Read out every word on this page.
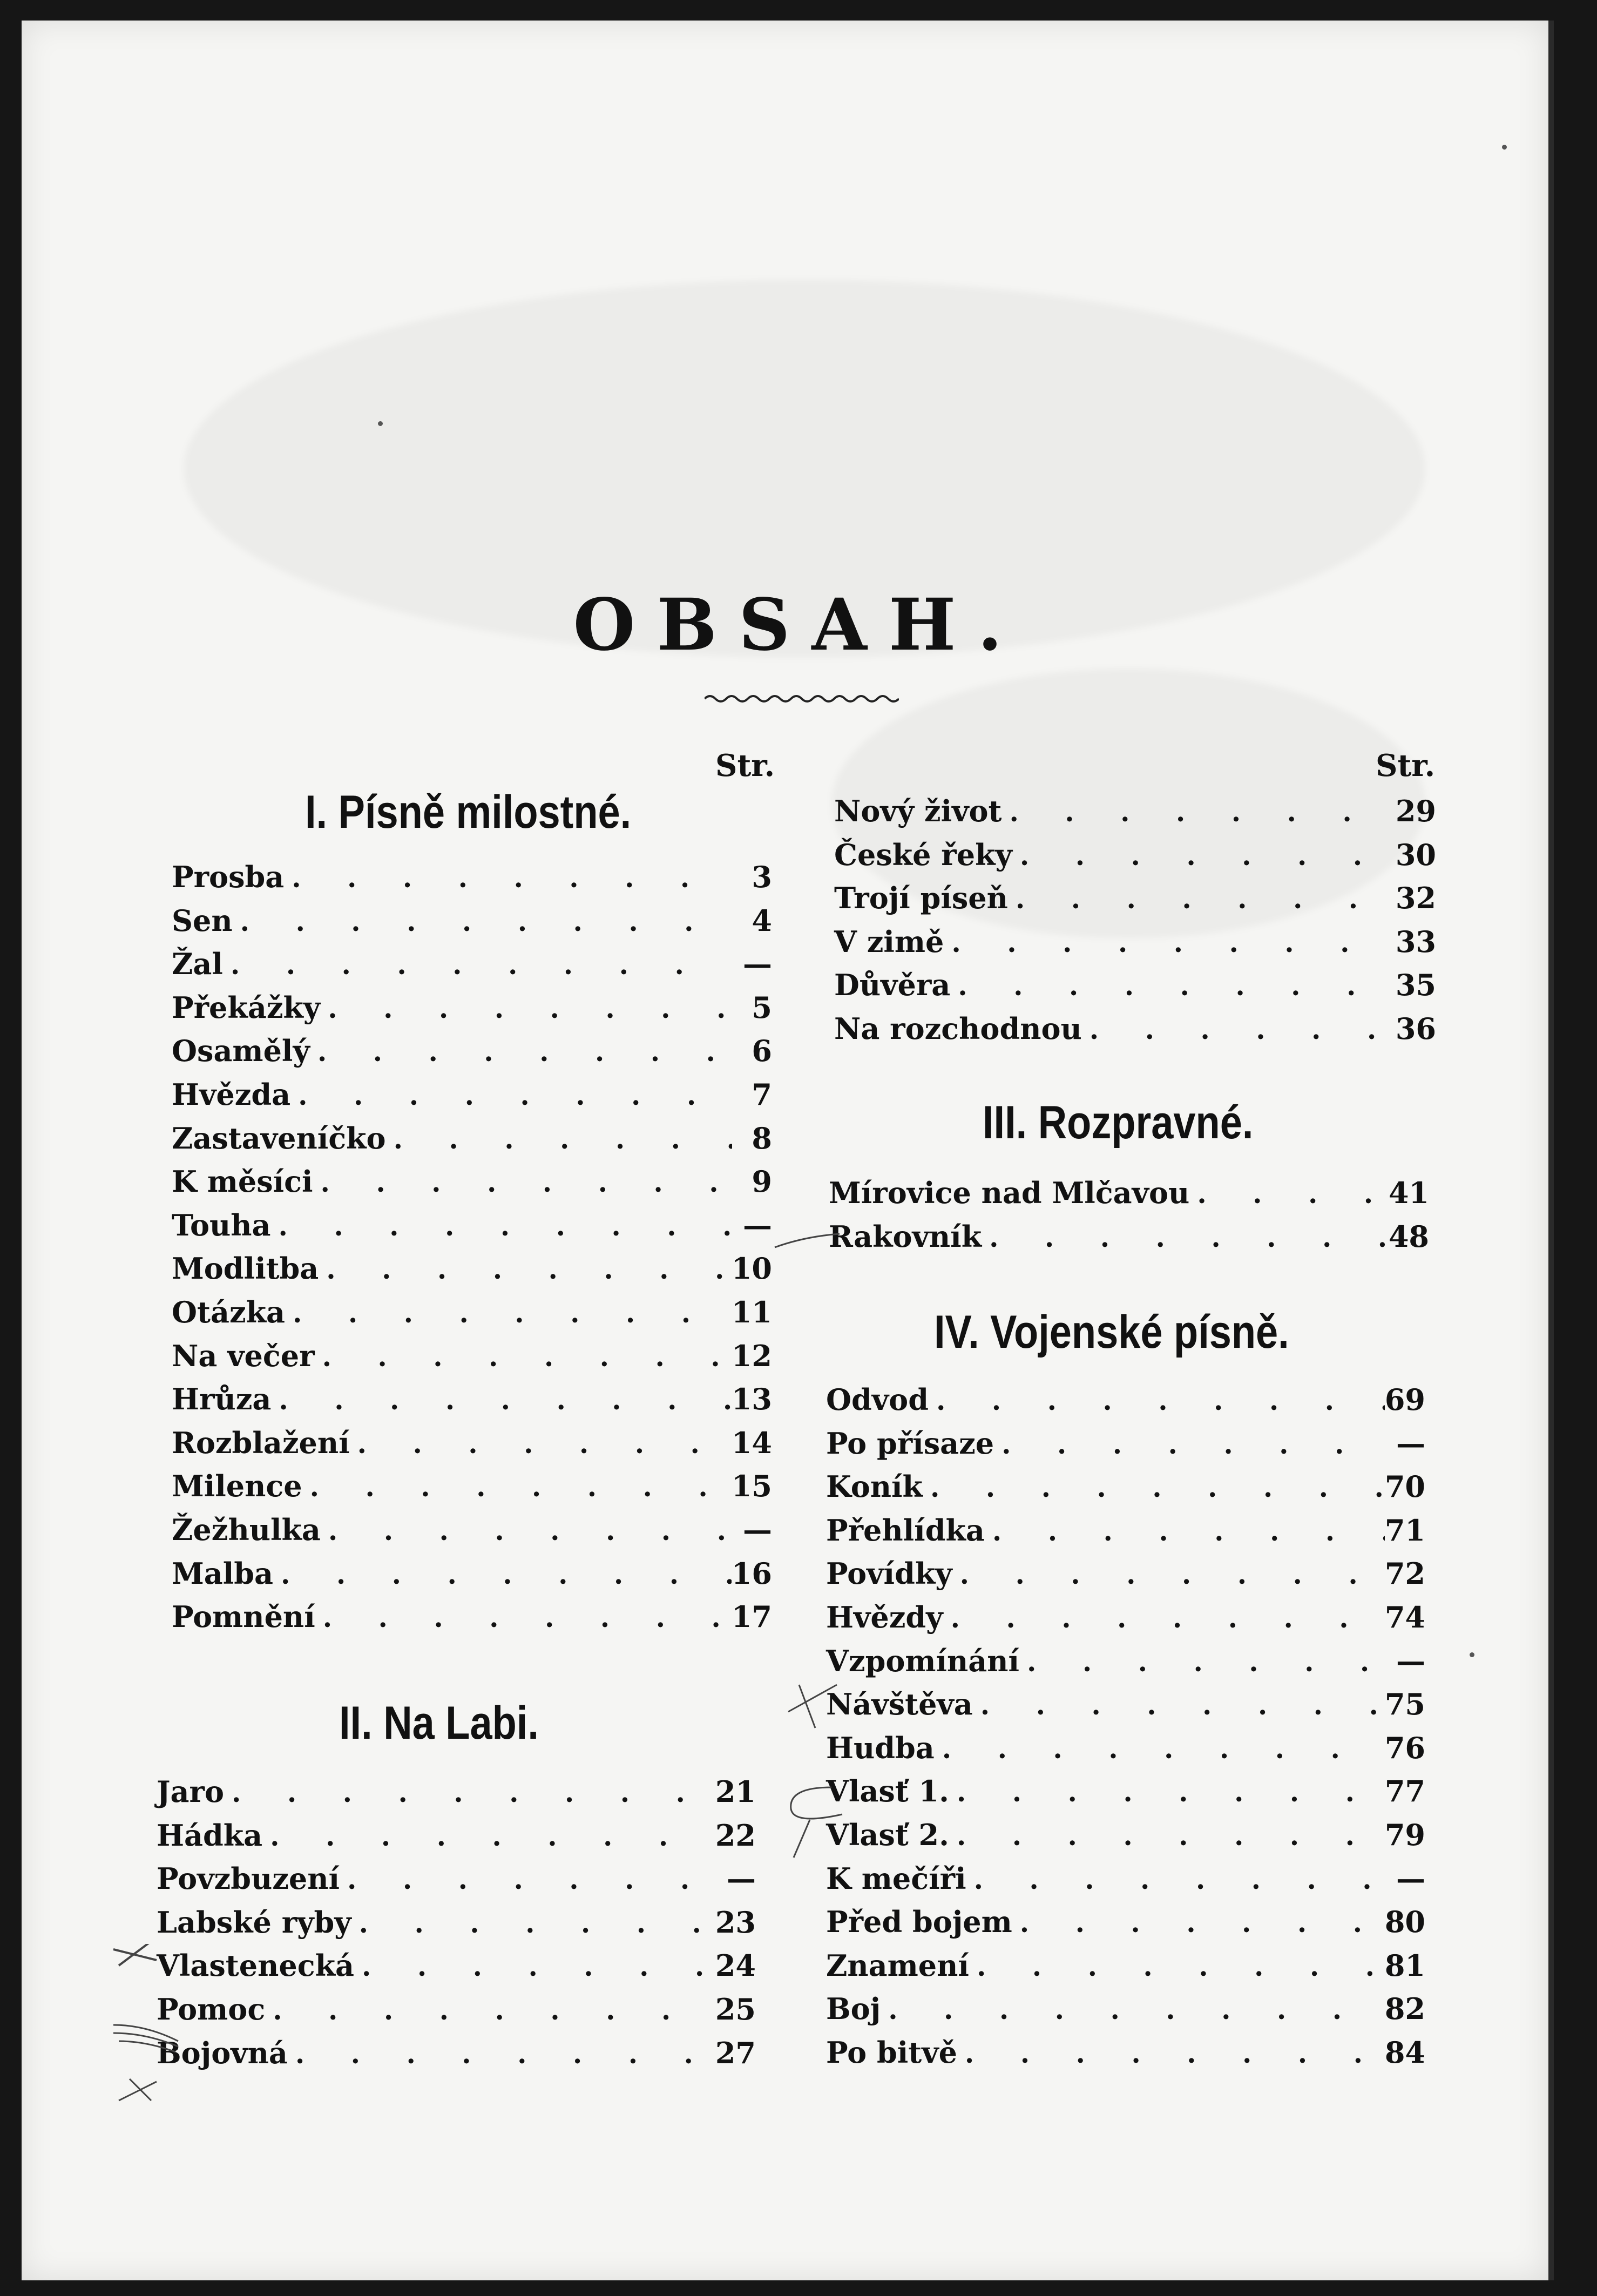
OBSAH.
Str.	Str.
I. Písně milostné.
Prosba . . .	3
Sen . . .	4
Žal . . .	—
Překážky . . .	5
Osamělý . . .	6
Hvězda . . .	7
Zastaveníčko . . .	8
K měsíci . . .	9
Touha . . .	—
Modlitba . . .	10
Otázka . . .	11
Na večer . . .	12
Hrůza . . .	13
Rozblažení . . .	14
Milence . . .	15
Žežhulka . . .	—
Malba . . .	16
Pomnění . . .	17
II. Na Labi.
Jaro . . .	21
Hádka . . .	22
Povzbuzení . . .	—
Labské ryby . . .	23
Vlastenecká . . .	24
Pomoc . . .	25
Bojovná . . .	27
Nový život . . .	29
České řeky . . .	30
Trojí píseň . . .	32
V zimě . . .	33
Důvěra . . .	35
Na rozchodnou . . .	36
III. Rozpravné.
Mírovice nad Mlčavou . . .	41
Rakovník . . .	48
IV. Vojenské písně.
Odvod . . .	69
Po přísaze . . .	—
Koník . . .	70
Přehlídka . . .	71
Povídky . . .	72
Hvězdy . . .	74
Vzpomínání . . .	—
Návštěva . . .	75
Hudba . . .	76
Vlasť 1. . . .	77
Vlasť 2. . . .	79
K mečíři . . .	—
Před bojem . . .	80
Znamení . . .	81
Boj . . .	82
Po bitvě . . .	84
